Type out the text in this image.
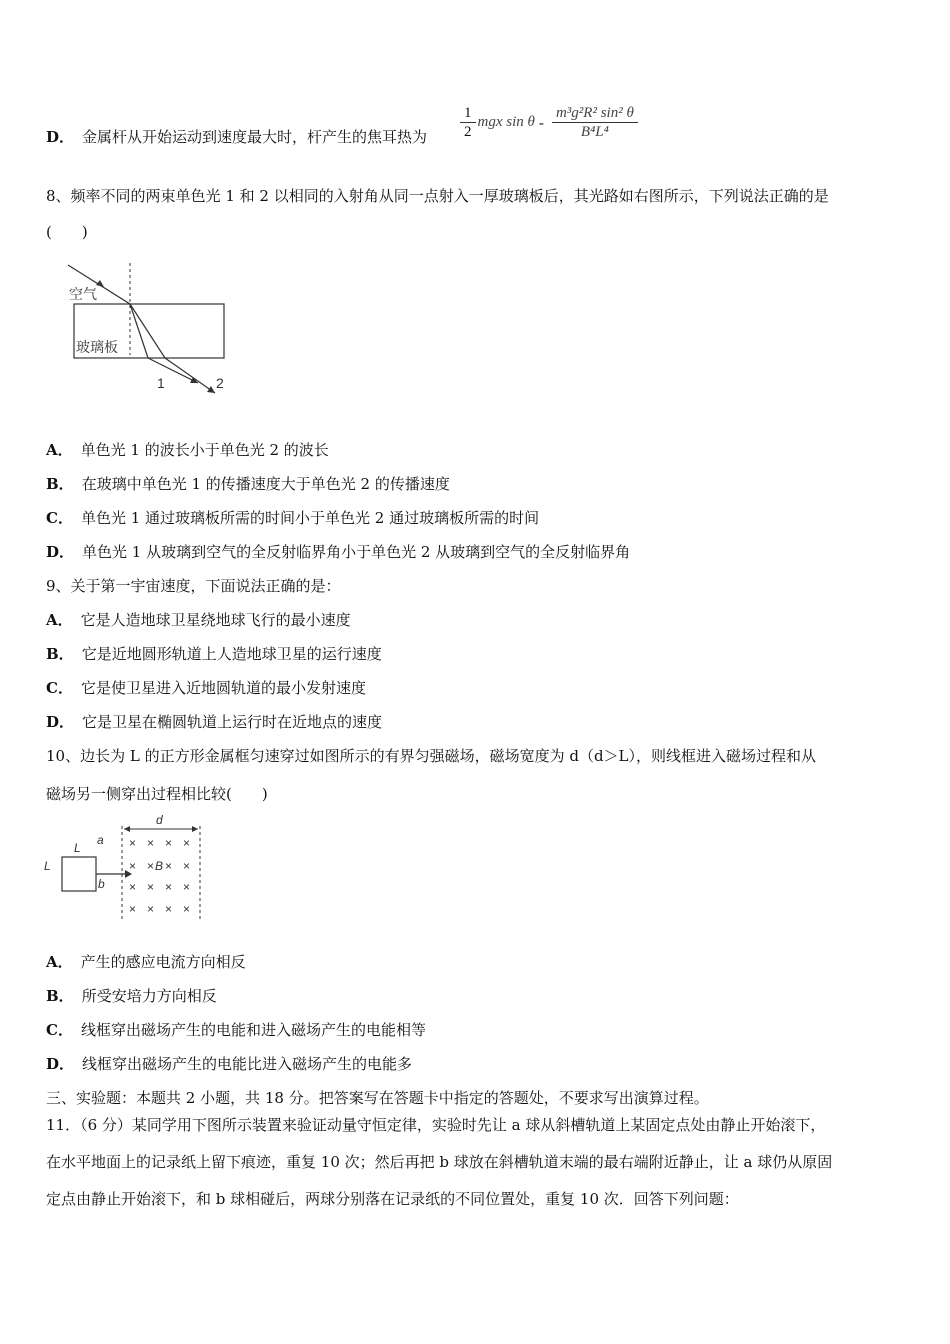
D． 金属杆从开始运动到速度最大时，杆产生的焦耳热为 $\frac{1}{2}$ mgx sin θ - $\frac{\text{m³g²R² sin² θ}}{\text{B⁴L⁴}}$
8、频率不同的两束单色光 1 和 2 以相同的入射角从同一点射入一厚玻璃板后，其光路如右图所示，下列说法正确的是
(　　)
空气
玻璃板
1	2
A． 单色光 1 的波长小于单色光 2 的波长
B． 在玻璃中单色光 1 的传播速度大于单色光 2 的传播速度
C． 单色光 1 通过玻璃板所需的时间小于单色光 2 通过玻璃板所需的时间
D． 单色光 1 从玻璃到空气的全反射临界角小于单色光 2 从玻璃到空气的全反射临界角
9、关于第一宇宙速度，下面说法正确的是：
A． 它是人造地球卫星绕地球飞行的最小速度
B． 它是近地圆形轨道上人造地球卫星的运行速度
C． 它是使卫星进入近地圆轨道的最小发射速度
D． 它是卫星在椭圆轨道上运行时在近地点的速度
10、边长为 L 的正方形金属框匀速穿过如图所示的有界匀强磁场，磁场宽度为 d（d＞L），则线框进入磁场过程和从
磁场另一侧穿出过程相比较(　　)
d
L
L
a
b
× × × ×
× × B × ×
× × × ×
× × × ×
A． 产生的感应电流方向相反
B． 所受安培力方向相反
C． 线框穿出磁场产生的电能和进入磁场产生的电能相等
D． 线框穿出磁场产生的电能比进入磁场产生的电能多
三、实验题：本题共 2 小题，共 18 分。把答案写在答题卡中指定的答题处，不要求写出演算过程。
11．（6 分）某同学用下图所示装置来验证动量守恒定律，实验时先让 a 球从斜槽轨道上某固定点处由静止开始滚下，
在水平地面上的记录纸上留下痕迹，重复 10 次；然后再把 b 球放在斜槽轨道末端的最右端附近静止，让 a 球仍从原固
定点由静止开始滚下，和 b 球相碰后，两球分别落在记录纸的不同位置处，重复 10 次．回答下列问题：
